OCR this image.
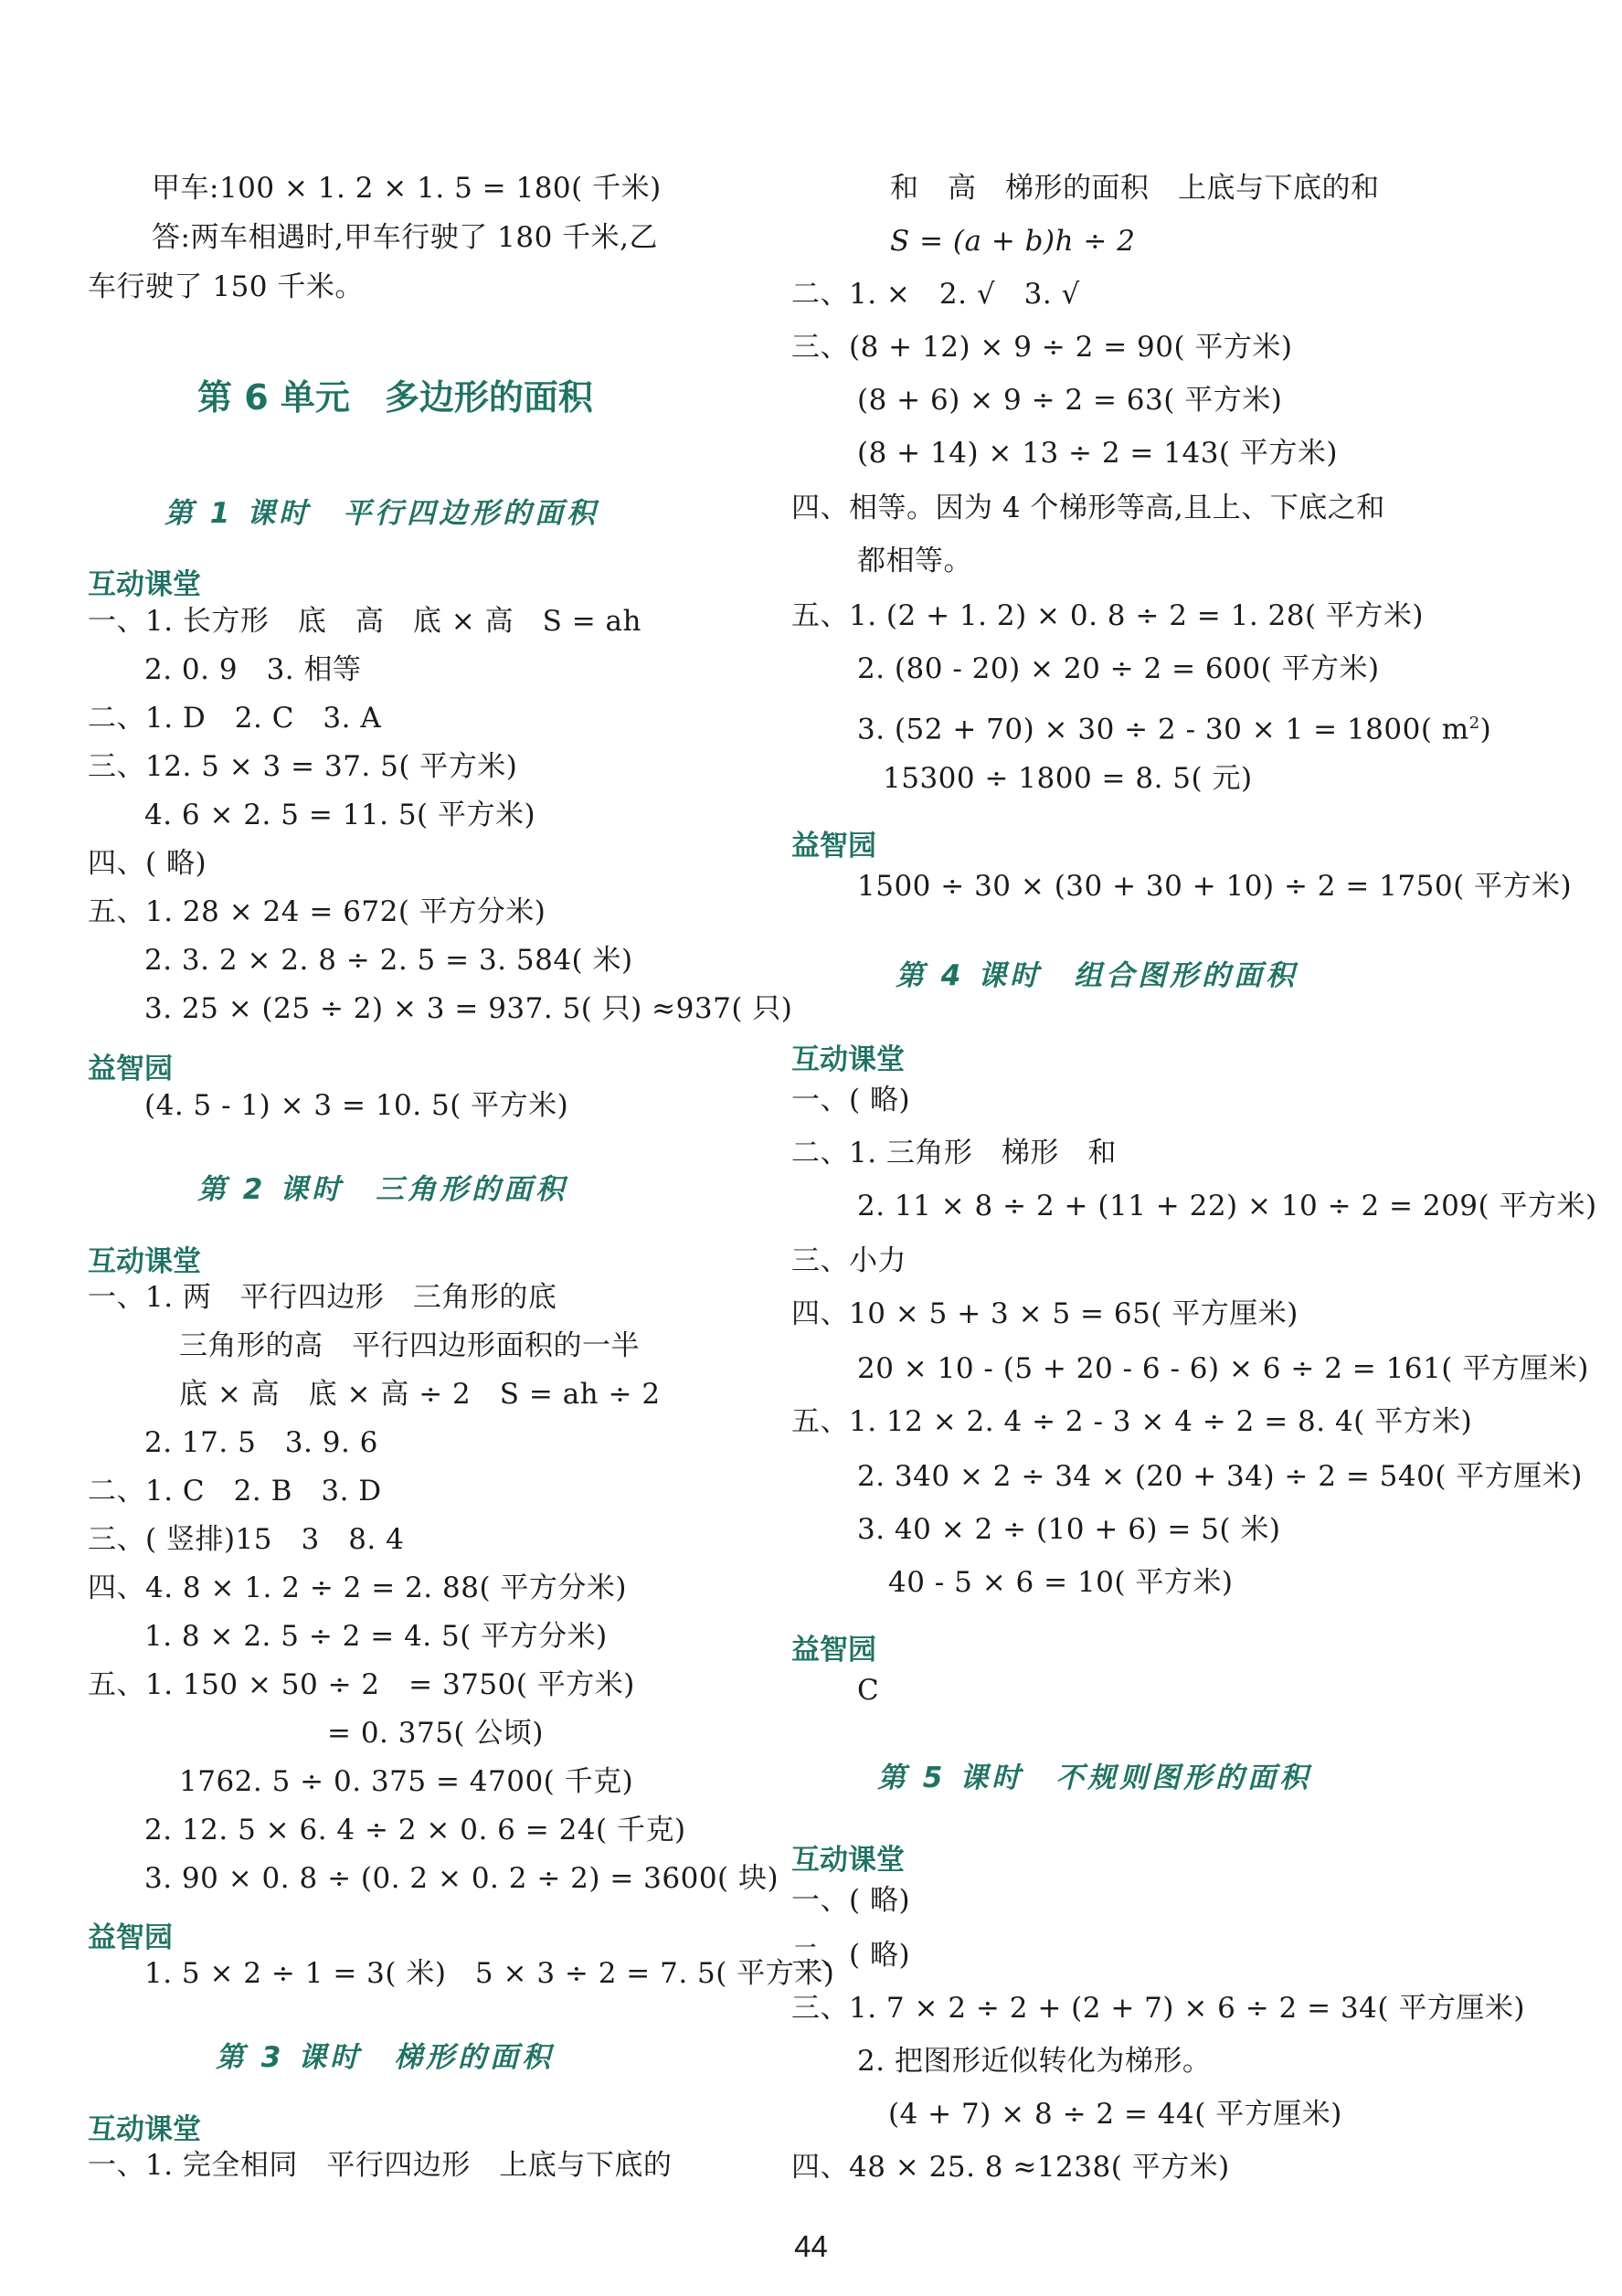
甲车:100 × 1. 2 × 1. 5 = 180( 千米)
答:两车相遇时,甲车行驶了 180 千米,乙
车行驶了 150 千米。
第 6 单元　多边形的面积
第 1 课时　平行四边形的面积
互动课堂
一、1. 长方形　底　高　底 × 高　S = ah
2. 0. 9　3. 相等
二、1. D　2. C　3. A
三、12. 5 × 3 = 37. 5( 平方米)
4. 6 × 2. 5 = 11. 5( 平方米)
四、( 略)
五、1. 28 × 24 = 672( 平方分米)
2. 3. 2 × 2. 8 ÷ 2. 5 = 3. 584( 米)
3. 25 × (25 ÷ 2) × 3 = 937. 5( 只) ≈937( 只)
益智园
(4. 5 - 1) × 3 = 10. 5( 平方米)
第 2 课时　三角形的面积
互动课堂
一、1. 两　平行四边形　三角形的底
三角形的高　平行四边形面积的一半
底 × 高　底 × 高 ÷ 2　S = ah ÷ 2
2. 17. 5　3. 9. 6
二、1. C　2. B　3. D
三、( 竖排)15　3　8. 4
四、4. 8 × 1. 2 ÷ 2 = 2. 88( 平方分米)
1. 8 × 2. 5 ÷ 2 = 4. 5( 平方分米)
五、1. 150 × 50 ÷ 2　= 3750( 平方米)
= 0. 375( 公顷)
1762. 5 ÷ 0. 375 = 4700( 千克)
2. 12. 5 × 6. 4 ÷ 2 × 0. 6 = 24( 千克)
3. 90 × 0. 8 ÷ (0. 2 × 0. 2 ÷ 2) = 3600( 块)
益智园
1. 5 × 2 ÷ 1 = 3( 米)　5 × 3 ÷ 2 = 7. 5( 平方米)
第 3 课时　梯形的面积
互动课堂
一、1. 完全相同　平行四边形　上底与下底的
和　高　梯形的面积　上底与下底的和
S = (a + b)h ÷ 2
二、1. ×　2. √　3. √
三、(8 + 12) × 9 ÷ 2 = 90( 平方米)
(8 + 6) × 9 ÷ 2 = 63( 平方米)
(8 + 14) × 13 ÷ 2 = 143( 平方米)
四、相等。因为 4 个梯形等高,且上、下底之和
都相等。
五、1. (2 + 1. 2) × 0. 8 ÷ 2 = 1. 28( 平方米)
2. (80 - 20) × 20 ÷ 2 = 600( 平方米)
3. (52 + 70) × 30 ÷ 2 - 30 × 1 = 1800( $m^2$)
15300 ÷ 1800 = 8. 5( 元)
益智园
1500 ÷ 30 × (30 + 30 + 10) ÷ 2 = 1750( 平方米)
第 4 课时　组合图形的面积
互动课堂
一、( 略)
二、1. 三角形　梯形　和
2. 11 × 8 ÷ 2 + (11 + 22) × 10 ÷ 2 = 209( 平方米)
三、小力
四、10 × 5 + 3 × 5 = 65( 平方厘米)
20 × 10 - (5 + 20 - 6 - 6) × 6 ÷ 2 = 161( 平方厘米)
五、1. 12 × 2. 4 ÷ 2 - 3 × 4 ÷ 2 = 8. 4( 平方米)
2. 340 × 2 ÷ 34 × (20 + 34) ÷ 2 = 540( 平方厘米)
3. 40 × 2 ÷ (10 + 6) = 5( 米)
40 - 5 × 6 = 10( 平方米)
益智园
C
第 5 课时　不规则图形的面积
互动课堂
一、( 略)
二、( 略)
三、1. 7 × 2 ÷ 2 + (2 + 7) × 6 ÷ 2 = 34( 平方厘米)
2. 把图形近似转化为梯形。
(4 + 7) × 8 ÷ 2 = 44( 平方厘米)
四、48 × 25. 8 ≈1238( 平方米)
44
